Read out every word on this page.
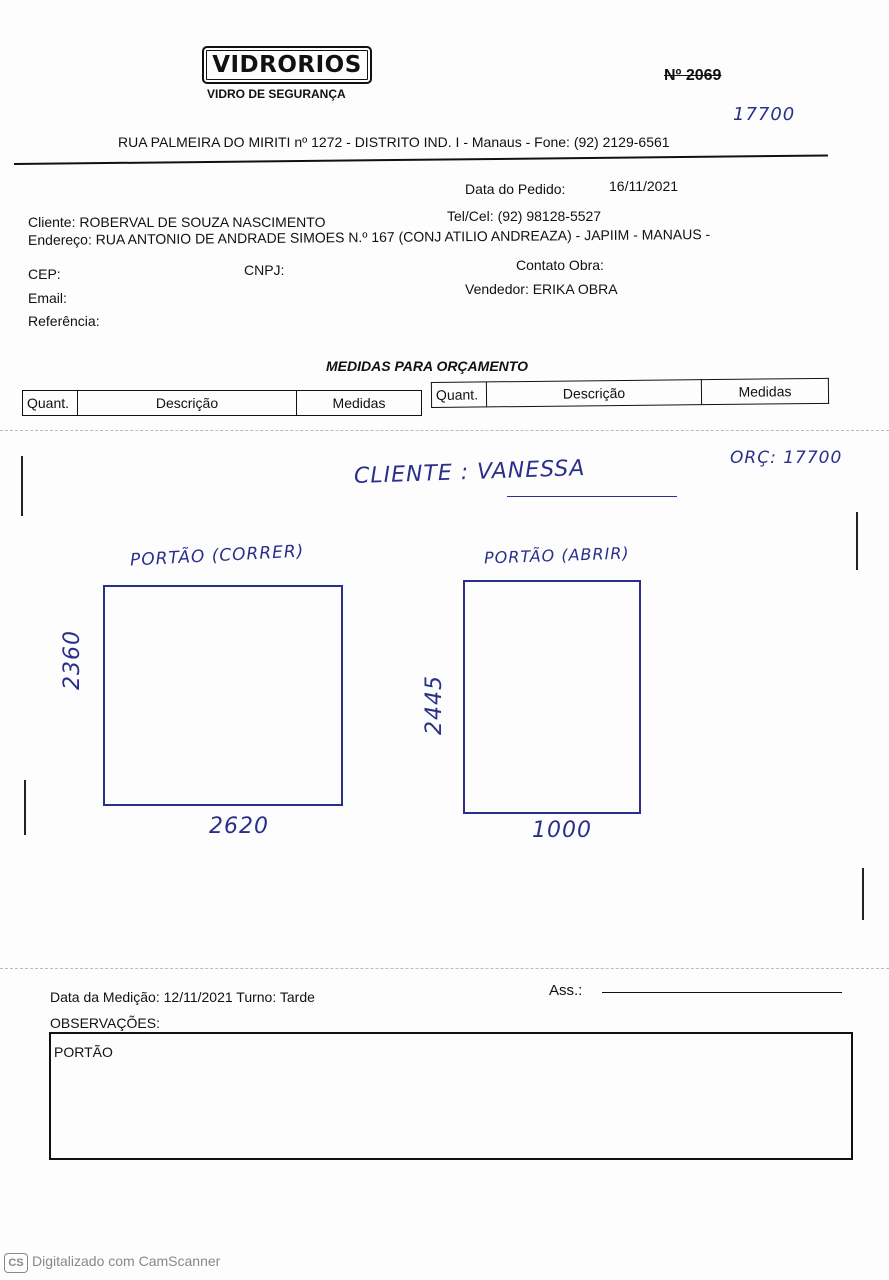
VIDRORIOS
VIDRO DE SEGURANÇA
Nº 2069
17700
RUA PALMEIRA DO MIRITI nº 1272 - DISTRITO IND. I - Manaus - Fone: (92) 2129-6561
Data do Pedido:	16/11/2021
Cliente: ROBERVAL DE SOUZA NASCIMENTO	Tel/Cel: (92) 98128-5527
Endereço: RUA ANTONIO DE ANDRADE SIMOES N.º 167 (CONJ ATILIO ANDREAZA) - JAPIIM - MANAUS -
CEP:	CNPJ:	Contato Obra:
Email:
Vendedor: ERIKA OBRA
Referência:
MEDIDAS PARA ORÇAMENTO
Quant.	Descrição	Medidas
Quant.	Descrição	Medidas
CLIENTE : VANESSA	ORÇ: 17700
PORTÃO (CORRER)
2360
2620
PORTÃO (ABRIR)
2445
1000
Data da Medição: 12/11/2021 Turno: Tarde	Ass.:
OBSERVAÇÕES:
PORTÃO
CS Digitalizado com CamScanner
